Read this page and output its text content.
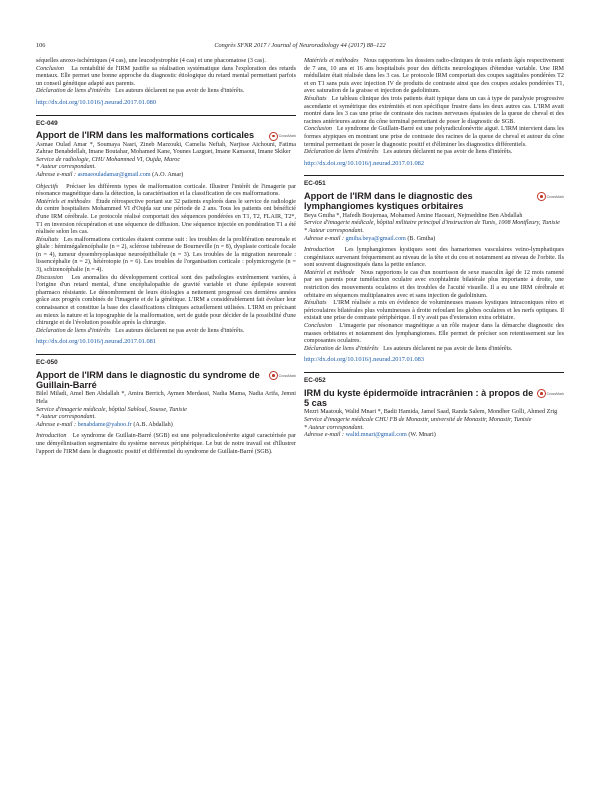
106	Congrès SFNR 2017 / Journal of Neuroradiology 44 (2017) 88–122

séquelles anoxo-ischémiques (4 cas), une leucodystrophie (4 cas) et une phacomatose (3 cas).

Conclusion La rentabilité de l'IRM justifie sa réalisation systématique dans l'exploration des retards mentaux. Elle permet une bonne approche du diagnostic étiologique du retard mental permettant parfois un conseil génétique adapté aux parents.

Déclaration de liens d'intérêts Les auteurs déclarent ne pas avoir de liens d'intérêts.

http://dx.doi.org/10.1016/j.neurad.2017.01.080

EC-049
Apport de l'IRM dans les malformations corticales	CrossMark

Asmae Oulad Amar *, Soumaya Nasri, Zineb Marzouki, Camelia Neftah, Narjisse Aichouni, Fatima Zahrae Benabdellah, Imane Boutahar, Mohamed Kane, Younes Lazguet, Imane Kamaoui, Imane Skiker

Service de radiologie, CHU Mohammed VI, Oujda, Maroc

* Auteur correspondant.

Adresse e-mail : asmaeouladamar@gmail.com (A.O. Amar)

Objectifs Préciser les différents types de malformation corticale. Illustrer l'intérêt de l'imagerie par résonance magnétique dans la détection, la caractérisation et la classification de ces malformations.

Matériels et méthodes Étude rétrospective portant sur 32 patients explorés dans le service de radiologie du centre hospitaliers Mohammed VI d'Oujda sur une période de 2 ans. Tous les patients ont bénéficié d'une IRM cérébrale. Le protocole réalisé comportait des séquences pondérées en T1, T2, FLAIR, T2*, T1 en inversion récupération et une séquence de diffusion. Une séquence injectée en pondération T1 a été réalisée selon les cas.

Résultats Les malformations corticales étaient comme suit : les troubles de la prolifération neuronale et gliale : hémimégalencéphalie (n = 2), sclérose tubéreuse de Bourneville (n = 8), dysplasie corticale focale (n = 4), tumeur dysembryoplasique neuroépithéliale (n = 3). Les troubles de la migration neuronale : lissencéphalie (n = 2), hétérotopie (n = 6). Les troubles de l'organisation corticale : polymicrogyrie (n = 3), schizencéphalie (n = 4).

Discussion Les anomalies du développement cortical sont des pathologies extrêmement variées, à l'origine d'un retard mental, d'une encéphalopathie de gravité variable et d'une épilepsie souvent pharmaco résistante. Le dénombrement de leurs étiologies a nettement progressé ces dernières années grâce aux progrès combinés de l'imagerie et de la génétique. L'IRM a considérablement fait évoluer leur connaissance et constitue la base des classifications cliniques actuellement utilisées. L'IRM en précisant au mieux la nature et la topographie de la malformation, sert de guide pour décider de la possibilité d'une chirurgie et de l'évolution possible après la chirurgie.

Déclaration de liens d'intérêts Les auteurs déclarent ne pas avoir de liens d'intérêts.

http://dx.doi.org/10.1016/j.neurad.2017.01.081

EC-050
Apport de l'IRM dans le diagnostic du syndrome de Guillain-Barré
CrossMark

Bilel Miladi, Amel Ben Abdallah *, Amira Berrich, Aymen Merdassi, Nadia Mama, Nadia Arifa, Jemni Hela

Service d'imagerie médicale, hôpital Sahloul, Sousse, Tunisie

* Auteur correspondant.

Adresse e-mail : benabdame@yahoo.fr (A.B. Abdallah)

Introduction Le syndrome de Guillain-Barré (SGB) est une polyradiculonévrite aiguë caractérisée par une démyélinisation segmentaire du système nerveux périphérique. Le but de notre travail est d'illustrer l'apport de l'IRM dans le diagnostic positif et différentiel du syndrome de Guillain-Barré (SGB).

Matériels et méthodes Nous rapportons les dossiers radio-cliniques de trois enfants âgés respectivement de 7 ans, 10 ans et 16 ans hospitalisés pour des déficits neurologiques d'étendue variable. Une IRM médullaire était réalisée dans les 3 cas. Le protocole IRM comportait des coupes sagittales pondérées T2 et en T1 sans puis avec injection IV de produits de contraste ainsi que des coupes axiales pondérées T1, avec saturation de la graisse et injection de gadolinium.

Résultats Le tableau clinique des trois patients était typique dans un cas à type de paralysie progressive ascendante et symétrique des extrémités et non spécifique frustre dans les deux autres cas. L'IRM avait montré dans les 3 cas une prise de contraste des racines nerveuses épaissies de la queue de cheval et des racines antérieures autour du cône terminal permettant de poser le diagnostic de SGB.

Conclusion Le syndrome de Guillain-Barré est une polyradiculonévrite aiguë. L'IRM intervient dans les formes atypiques en montrant une prise de contraste des racines de la queue de cheval et autour du cône terminal permettant de poser le diagnostic positif et d'éliminer les diagnostics différentiels.

Déclaration de liens d'intérêts Les auteurs déclarent ne pas avoir de liens d'intérêts.

http://dx.doi.org/10.1016/j.neurad.2017.01.082

EC-051
Apport de l'IRM dans le diagnostic des lymphangiomes kystiques orbitaires
CrossMark

Beya Gmiha *, Hafedh Boujemaa, Mohamed Amine Haouari, Nejmeddine Ben Abdallah

Service d'imagerie médicale, hôpital militaire principal d'instruction de Tunis, 1008 Montfleury, Tunisie

* Auteur correspondant.

Adresse e-mail : gmiha.beya@gmail.com (B. Gmiha)

Introduction Les lymphangiomes kystiques sont des hamartomes vasculaires veino-lymphatiques congénitaux survenant fréquemment au niveau de la tête et du cou et notamment au niveau de l'orbite. Ils sont souvent diagnostiqués dans la petite enfance.

Matériel et méthode Nous rapportons le cas d'un nourrisson de sexe masculin âgé de 12 mois ramené par ses parents pour tuméfaction oculaire avec exophtalmie bilatérale plus importante à droite, une restriction des mouvements oculaires et des troubles de l'acuité visuelle. Il a eu une IRM cérébrale et orbitaire en séquences multiplanaires avec et sans injection de gadolinium.

Résultats L'IRM réalisée a mis en évidence de volumineuses masses kystiques intraconiques rétro et péricoulaires bilatérales plus volumineuses à droite refoulant les globes oculaires et les nerfs optiques. Il existait une prise de contraste périphérique. Il n'y avait pas d'extension extra orbitaire.

Conclusion L'imagerie par résonance magnétique a un rôle majeur dans la démarche diagnostic des masses orbitaires et notamment des lymphangiomes. Elle permet de préciser son retentissement sur les composantes oculaires.

Déclaration de liens d'intérêts Les auteurs déclarent ne pas avoir de liens d'intérêts.

http://dx.doi.org/10.1016/j.neurad.2017.01.083

EC-052
IRM du kyste épidermoïde intracrânien : à propos de 5 cas
CrossMark

Mezri Maatouk, Walid Mnari *, Badii Hamida, Jamel Saad, Randa Salem, Mondher Golli, Ahmed Zrig

Service d'imagerie médicale CHU FB de Monastir, université de Monastir, Monastir, Tunisie

* Auteur correspondant.

Adresse e-mail : walid.mnari@gmail.com (W. Mnari)
